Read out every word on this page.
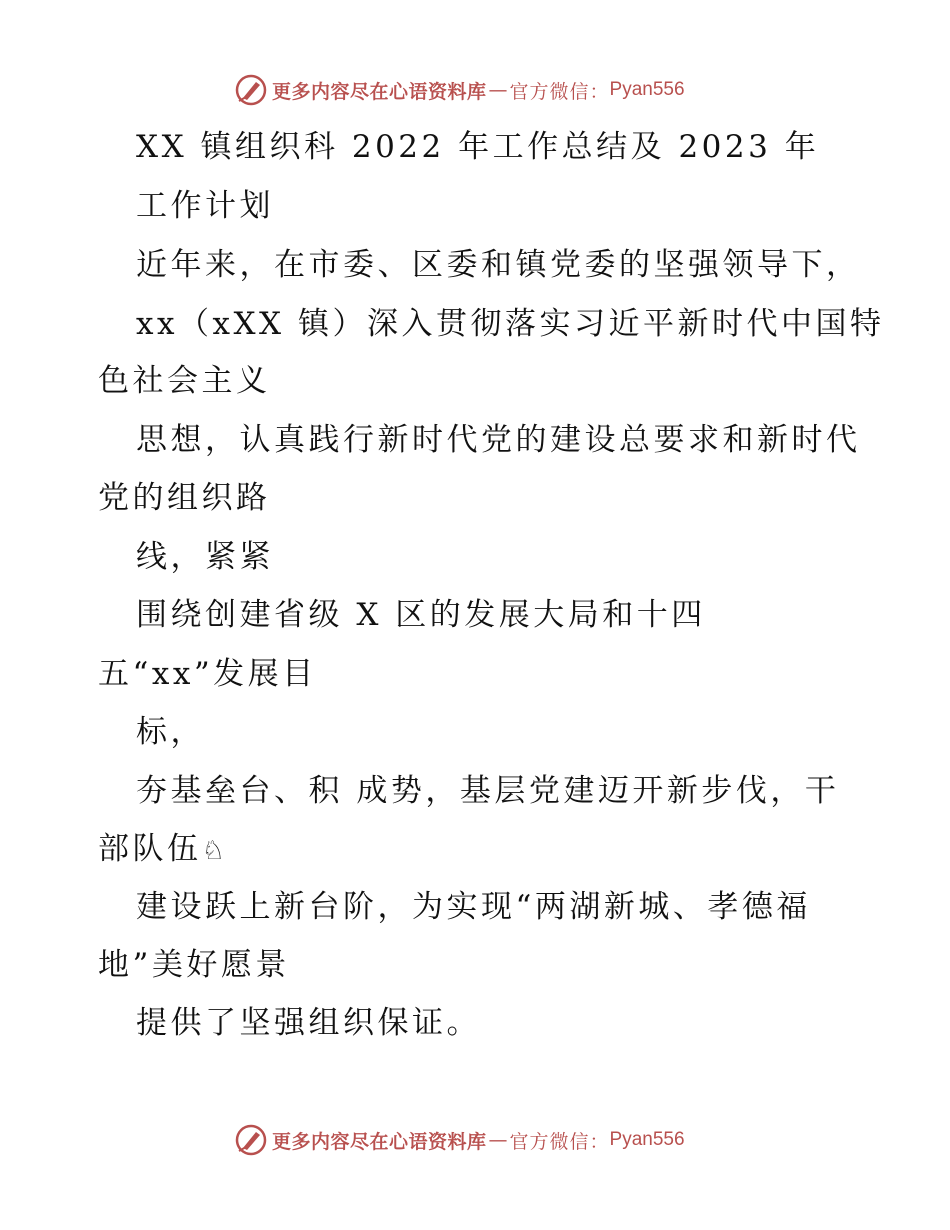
更多内容尽在心语资料库 — 官方微信： Pyan556
XX 镇组织科 2022 年工作总结及 2023 年
工作计划
近年来，在市委、区委和镇党委的坚强领导下，
xx（xXX 镇）深入贯彻落实习近平新时代中国特
色社会主义
思想，认真践行新时代党的建设总要求和新时代
党的组织路
线，紧紧
围绕创建省级 X 区的发展大局和十四
五“xx”发展目
标，
夯基垒台、积 成势，基层党建迈开新步伐，干
部队伍♘
建设跃上新台阶，为实现“两湖新城、孝德福
地”美好愿景
提供了坚强组织保证。
更多内容尽在心语资料库 — 官方微信： Pyan556
